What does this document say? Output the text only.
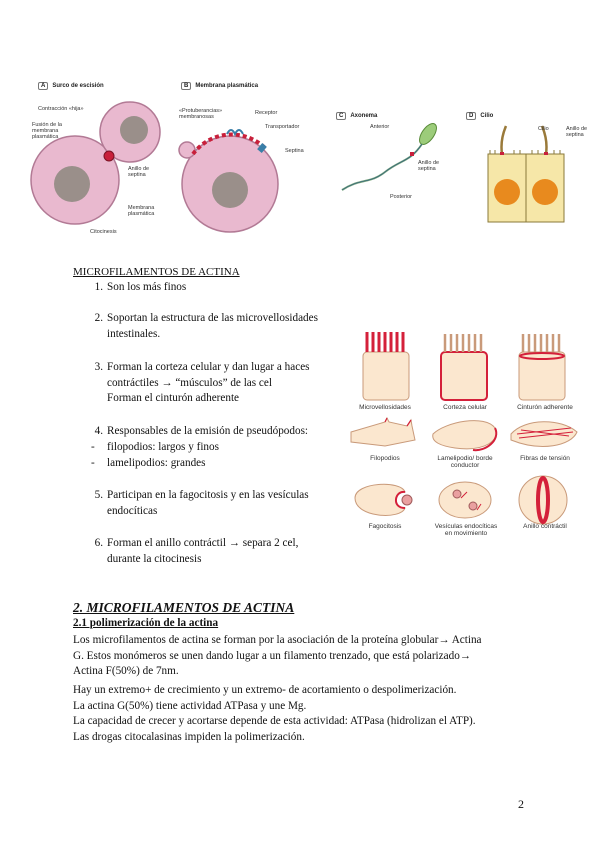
A	Surco de escisión
Contracción «hija»
Fusión de la membrana plasmática
Anillo de septina
Membrana plasmática
Citocinesis
B	Membrana plasmática
«Protuberancias» membranosas
Receptor
Transportador
Septina
C	Axonema
Anterior
Anillo de septina
Posterior
D	Cilio
Cilio	Anillo de septina
MICROFILAMENTOS DE ACTINA
1. Son los más finos
2. Soportan la estructura de las microvellosidades
intestinales.
3. Forman la corteza celular y dan lugar a haces
contráctiles → “músculos” de las cel
Forman el cinturón adherente
4. Responsables de la emisión de pseudópodos:
- filopodios: largos y finos
- lamelipodios: grandes
5. Participan en la fagocitosis y en las vesículas
endocíticas
6. Forman el anillo contráctil → separa 2 cel,
durante la citocinesis
Microvellosidades	Corteza celular	Cinturón adherente
Filopodios	Lamelipodio/ borde conductor
Fibras de tensión
Fagocitosis	Vesículas endocíticas en movimiento
Anillo contráctil
2. MICROFILAMENTOS DE ACTINA
2.1 polimerización de la actina
Los microfilamentos de actina se forman por la asociación de la proteína globular→ Actina
G. Estos monómeros se unen dando lugar a un filamento trenzado, que está polarizado→
Actina F(50%) de 7nm.
Hay un extremo+ de crecimiento y un extremo- de acortamiento o despolimerización.
La actina G(50%) tiene actividad ATPasa y une Mg.
La capacidad de crecer y acortarse depende de esta actividad: ATPasa (hidrolizan el ATP).
Las drogas citocalasinas impiden la polimerización.
2
